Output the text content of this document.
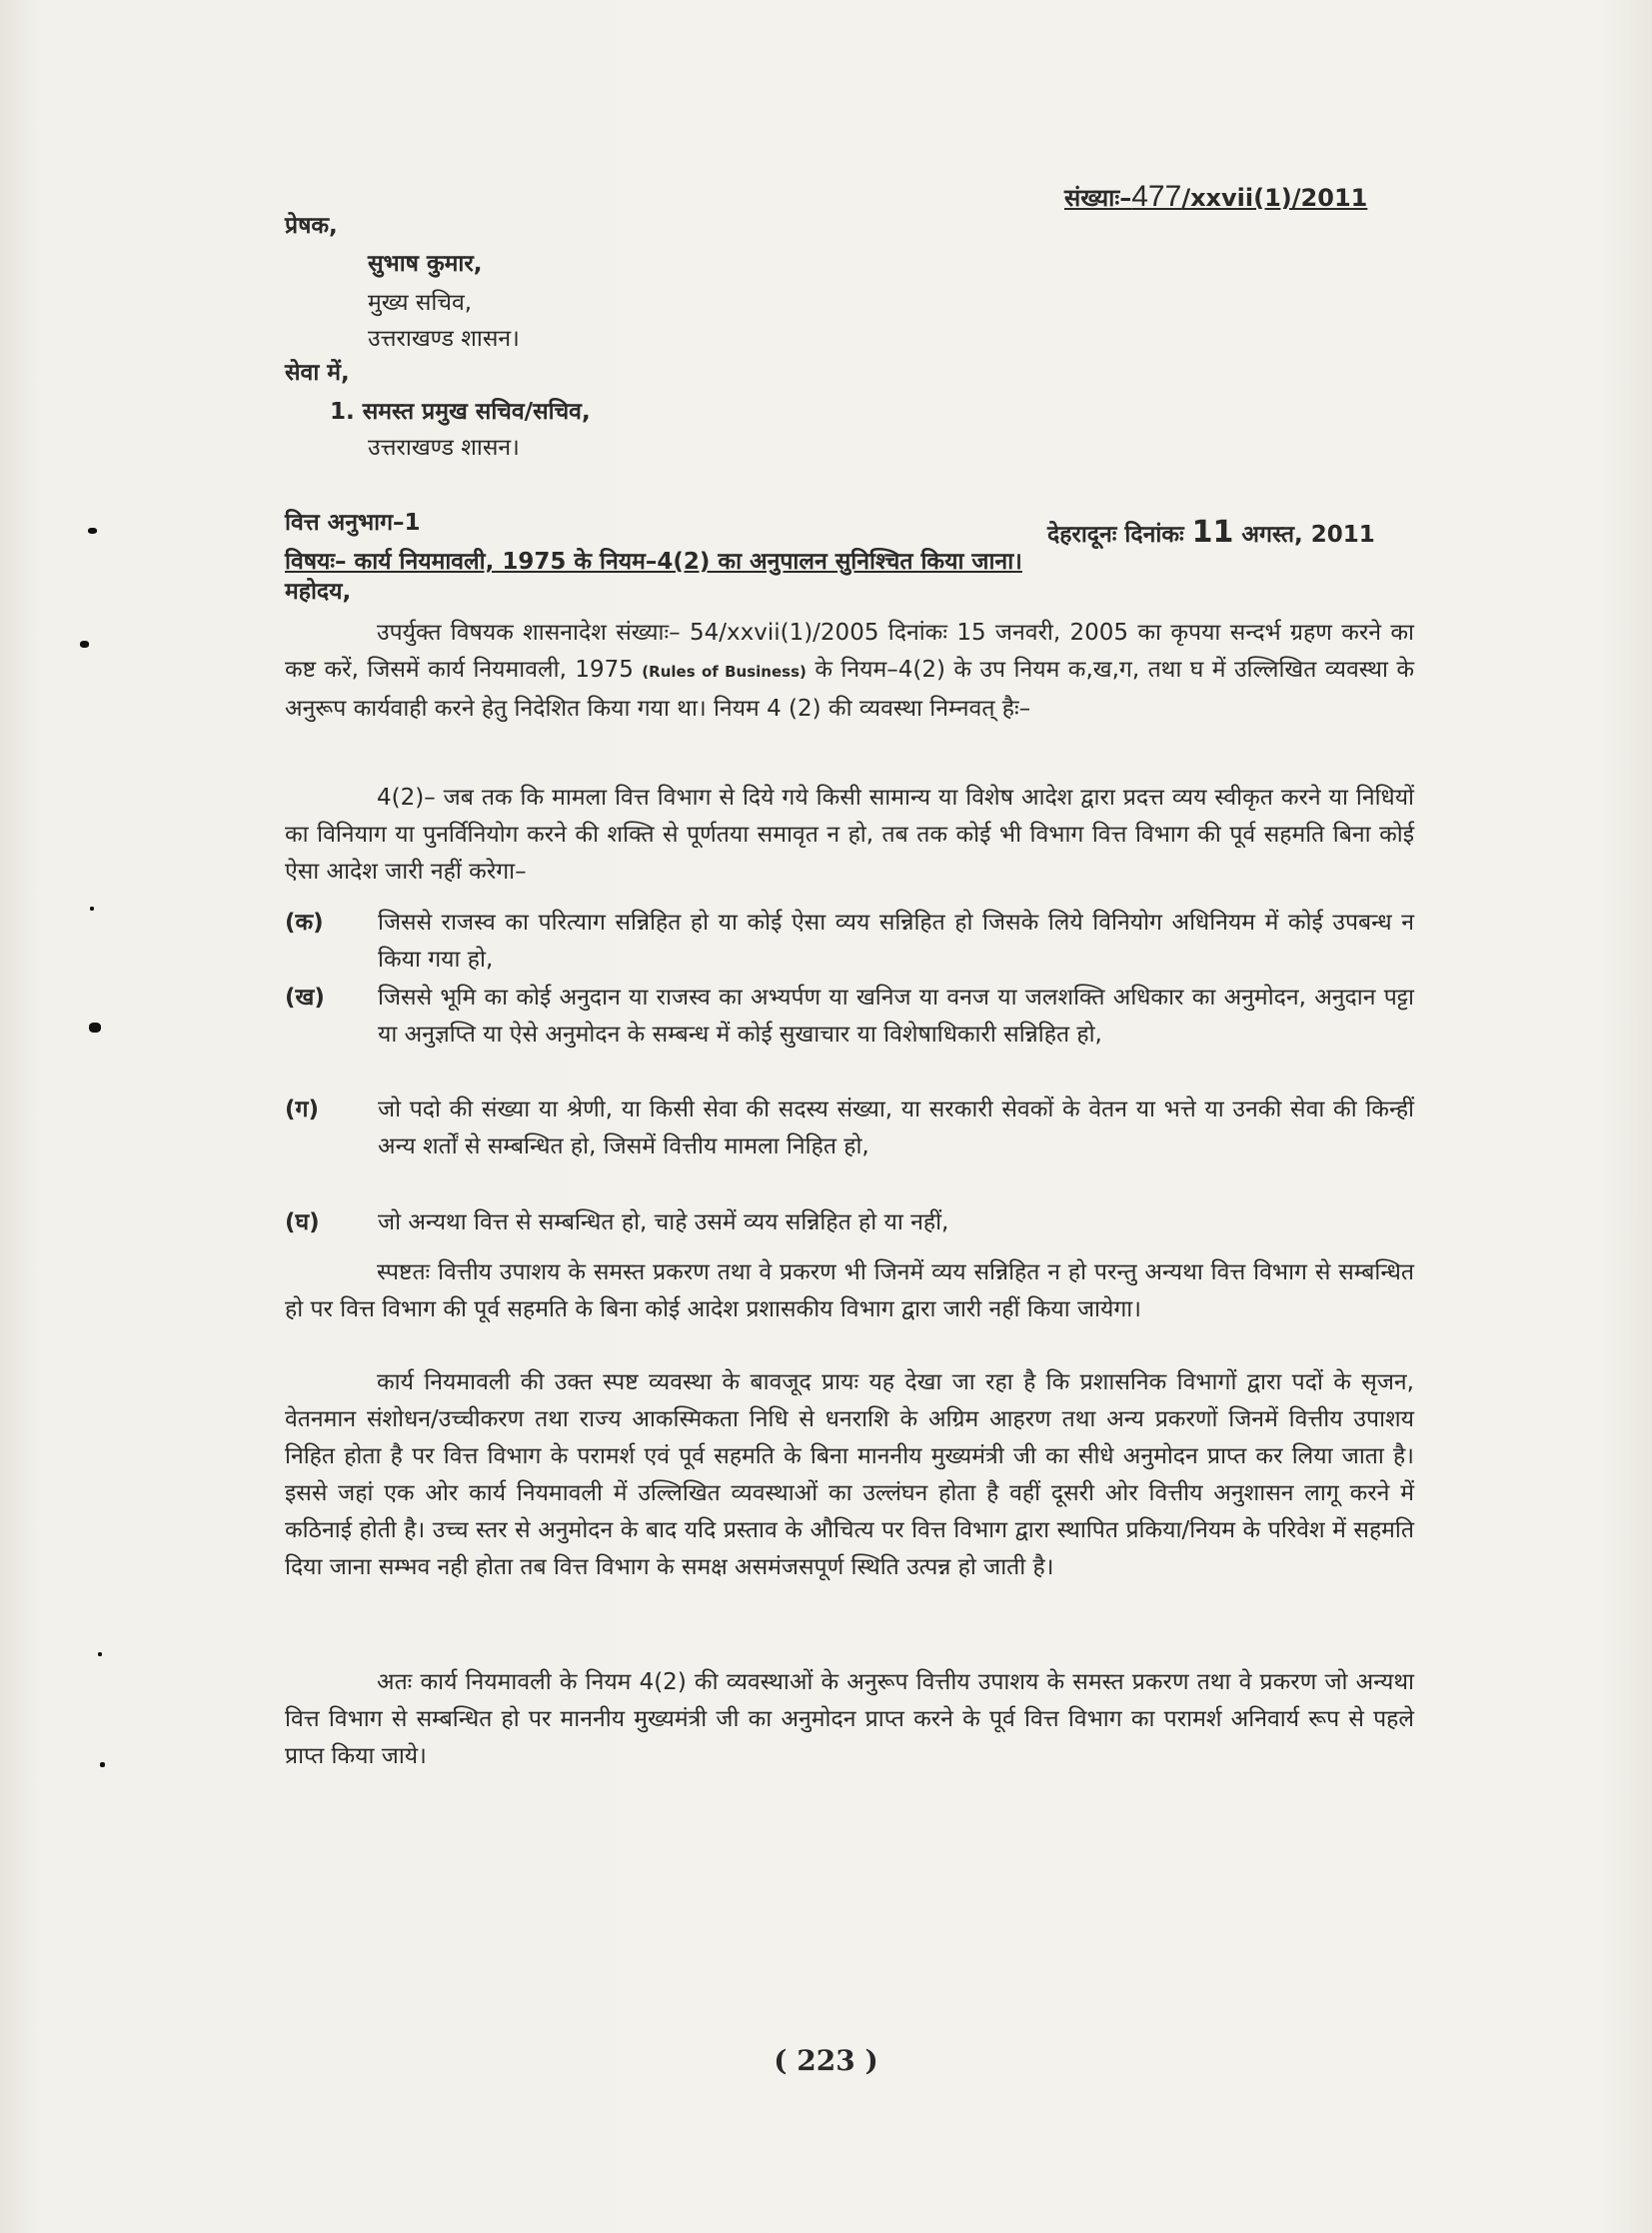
संख्याः–477/xxvii(1)/2011
प्रेषक,
सुभाष कुमार,
मुख्य सचिव,
उत्तराखण्ड शासन।
सेवा में,
1. समस्त प्रमुख सचिव/सचिव,
उत्तराखण्ड शासन।
वित्त अनुभाग–1	देहरादूनः दिनांकः 11 अगस्त, 2011
विषयः– कार्य नियमावली, 1975 के नियम–4(2) का अनुपालन सुनिश्चित किया जाना।
महोदय,

उपर्युक्त विषयक शासनादेश संख्याः– 54/xxvii(1)/2005 दिनांकः 15 जनवरी, 2005 का कृपया सन्दर्भ ग्रहण करने का कष्ट करें, जिसमें कार्य नियमावली, 1975 (Rules of Business) के नियम–4(2) के उप नियम क,ख,ग, तथा घ में उल्लिखित व्यवस्था के अनुरूप कार्यवाही करने हेतु निदेशित किया गया था। नियम 4 (2) की व्यवस्था निम्नवत् हैः–

4(2)– जब तक कि मामला वित्त विभाग से दिये गये किसी सामान्य या विशेष आदेश द्वारा प्रदत्त व्यय स्वीकृत करने या निधियों का विनियाग या पुनर्विनियोग करने की शक्ति से पूर्णतया समावृत न हो, तब तक कोई भी विभाग वित्त विभाग की पूर्व सहमति बिना कोई ऐसा आदेश जारी नहीं करेगा–

(क) जिससे राजस्व का परित्याग सन्निहित हो या कोई ऐसा व्यय सन्निहित हो जिसके लिये विनियोग अधिनियम में कोई उपबन्ध न किया गया हो,
(ख) जिससे भूमि का कोई अनुदान या राजस्व का अभ्यर्पण या खनिज या वनज या जलशक्ति अधिकार का अनुमोदन, अनुदान पट्टा या अनुज्ञप्ति या ऐसे अनुमोदन के सम्बन्ध में कोई सुखाचार या विशेषाधिकारी सन्निहित हो,
(ग)	जो पदो की संख्या या श्रेणी, या किसी सेवा की सदस्य संख्या, या सरकारी सेवकों के वेतन या भत्ते या उनकी सेवा की किन्हीं अन्य शर्तों से सम्बन्धित हो, जिसमें वित्तीय मामला निहित हो,
(घ)	जो अन्यथा वित्त से सम्बन्धित हो, चाहे उसमें व्यय सन्निहित हो या नहीं,

स्पष्टतः वित्तीय उपाशय के समस्त प्रकरण तथा वे प्रकरण भी जिनमें व्यय सन्निहित न हो परन्तु अन्यथा वित्त विभाग से सम्बन्धित हो पर वित्त विभाग की पूर्व सहमति के बिना कोई आदेश प्रशासकीय विभाग द्वारा जारी नहीं किया जायेगा।

कार्य नियमावली की उक्त स्पष्ट व्यवस्था के बावजूद प्रायः यह देखा जा रहा है कि प्रशासनिक विभागों द्वारा पदों के सृजन, वेतनमान संशोधन/उच्चीकरण तथा राज्य आकस्मिकता निधि से धनराशि के अग्रिम आहरण तथा अन्य प्रकरणों जिनमें वित्तीय उपाशय निहित होता है पर वित्त विभाग के परामर्श एवं पूर्व सहमति के बिना माननीय मुख्यमंत्री जी का सीधे अनुमोदन प्राप्त कर लिया जाता है। इससे जहां एक ओर कार्य नियमावली में उल्लिखित व्यवस्थाओं का उल्लंघन होता है वहीं दूसरी ओर वित्तीय अनुशासन लागू करने में कठिनाई होती है। उच्च स्तर से अनुमोदन के बाद यदि प्रस्ताव के औचित्य पर वित्त विभाग द्वारा स्थापित प्रकिया/नियम के परिवेश में सहमति दिया जाना सम्भव नही होता तब वित्त विभाग के समक्ष असमंजसपूर्ण स्थिति उत्पन्न हो जाती है।

अतः कार्य नियमावली के नियम 4(2) की व्यवस्थाओं के अनुरूप वित्तीय उपाशय के समस्त प्रकरण तथा वे प्रकरण जो अन्यथा वित्त विभाग से सम्बन्धित हो पर माननीय मुख्यमंत्री जी का अनुमोदन प्राप्त करने के पूर्व वित्त विभाग का परामर्श अनिवार्य रूप से पहले प्राप्त किया जाये।

( 223 )
